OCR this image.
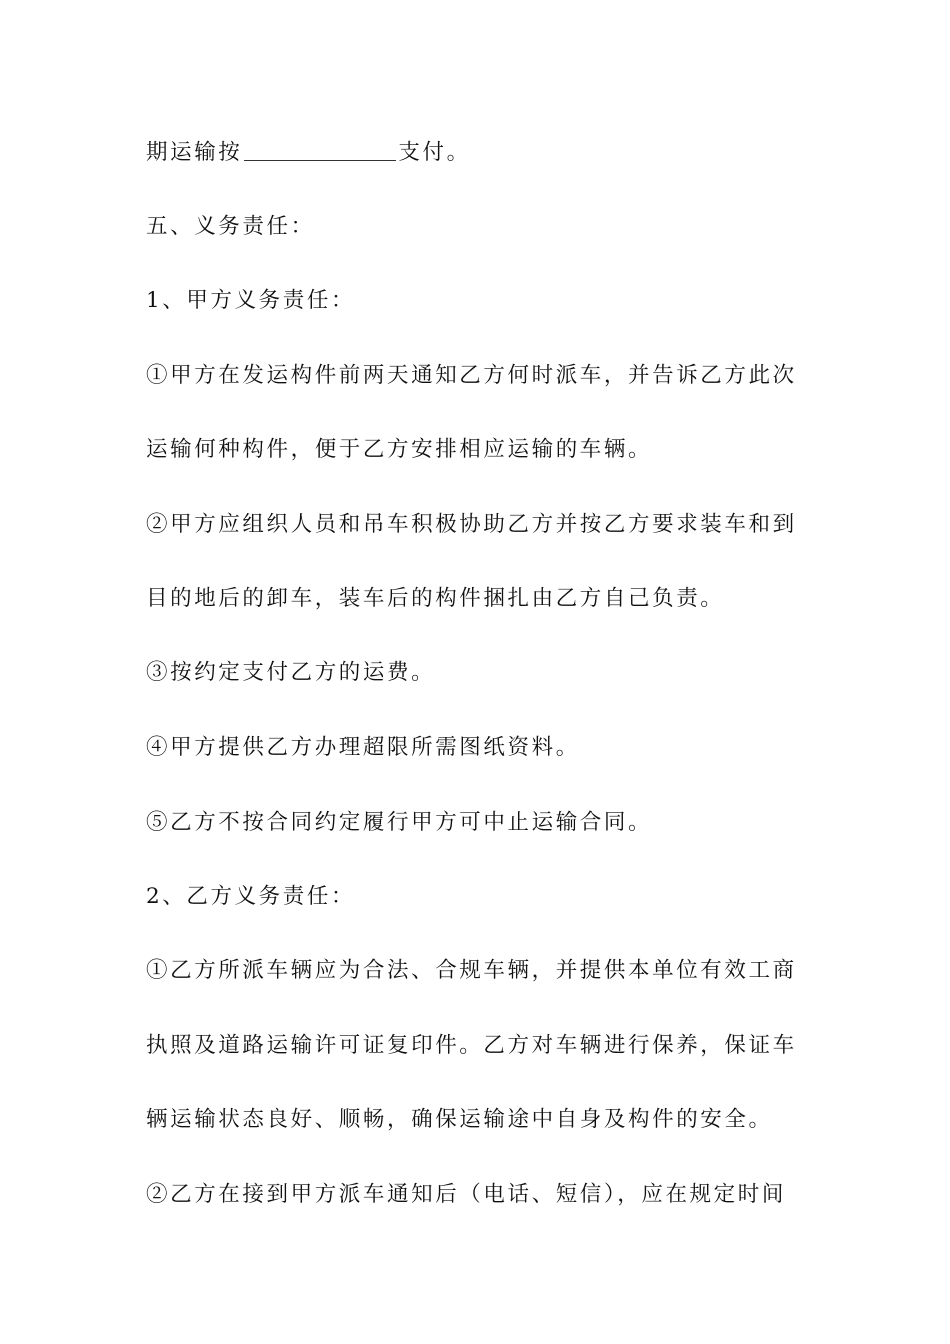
期运输按	支付。
五、义务责任：
1、甲方义务责任：
①甲方在发运构件前两天通知乙方何时派车，并告诉乙方此次
运输何种构件，便于乙方安排相应运输的车辆。
②甲方应组织人员和吊车积极协助乙方并按乙方要求装车和到
目的地后的卸车，装车后的构件捆扎由乙方自己负责。
③按约定支付乙方的运费。
④甲方提供乙方办理超限所需图纸资料。
⑤乙方不按合同约定履行甲方可中止运输合同。
2、乙方义务责任：
①乙方所派车辆应为合法、合规车辆，并提供本单位有效工商
执照及道路运输许可证复印件。乙方对车辆进行保养，保证车
辆运输状态良好、顺畅，确保运输途中自身及构件的安全。
②乙方在接到甲方派车通知后（电话、短信），应在规定时间
